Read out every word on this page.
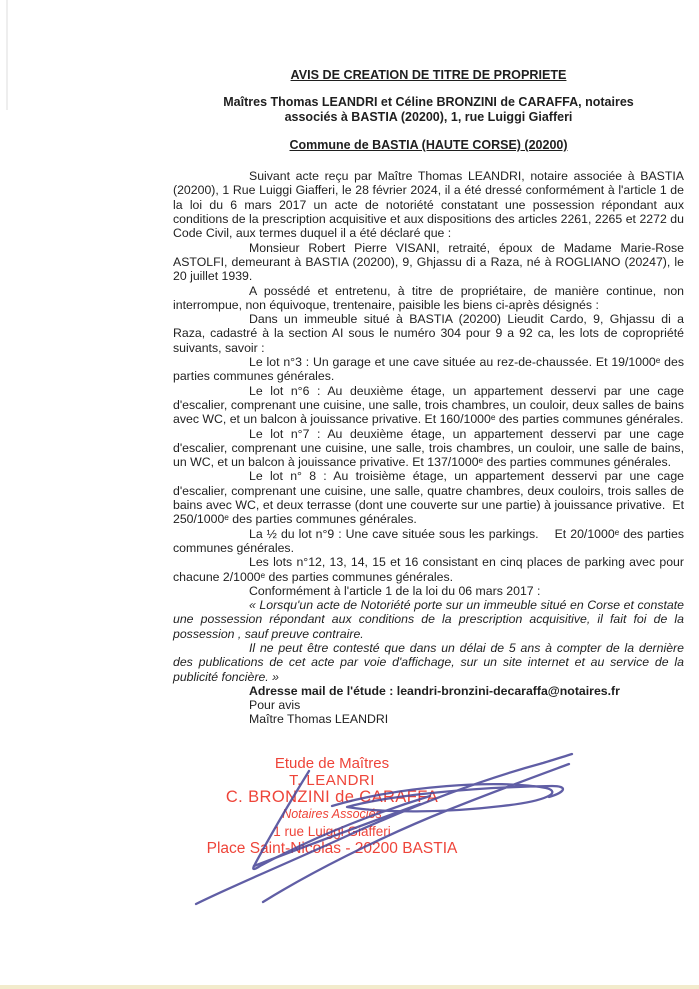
AVIS DE CREATION DE TITRE DE PROPRIETE

Maîtres Thomas LEANDRI et Céline BRONZINI de CARAFFA, notaires
associés à BASTIA (20200), 1, rue Luiggi Giafferi

Commune de BASTIA (HAUTE CORSE) (20200)

Suivant acte reçu par Maître Thomas LEANDRI, notaire associée à BASTIA (20200), 1 Rue Luiggi Giafferi, le 28 février 2024, il a été dressé conformément à l'article 1 de la loi du 6 mars 2017 un acte de notoriété constatant une possession répondant aux conditions de la prescription acquisitive et aux dispositions des articles 2261, 2265 et 2272 du Code Civil, aux termes duquel il a été déclaré que :

Monsieur Robert Pierre VISANI, retraité, époux de Madame Marie-Rose ASTOLFI, demeurant à BASTIA (20200), 9, Ghjassu di a Raza, né à ROGLIANO (20247), le 20 juillet 1939.

A possédé et entretenu, à titre de propriétaire, de manière continue, non interrompue, non équivoque, trentenaire, paisible les biens ci-après désignés :

Dans un immeuble situé à BASTIA (20200) Lieudit Cardo, 9, Ghjassu di a Raza, cadastré à la section AI sous le numéro 304 pour 9 a 92 ca, les lots de copropriété suivants, savoir :

Le lot n°3 : Un garage et une cave située au rez-de-chaussée. Et 19/1000ᵉ des parties communes générales.

Le lot n°6 : Au deuxième étage, un appartement desservi par une cage d'escalier, comprenant une cuisine, une salle, trois chambres, un couloir, deux salles de bains avec WC, et un balcon à jouissance privative. Et 160/1000ᵉ des parties communes générales.

Le lot n°7 : Au deuxième étage, un appartement desservi par une cage d'escalier, comprenant une cuisine, une salle, trois chambres, un couloir, une salle de bains, un WC, et un balcon à jouissance privative. Et 137/1000ᵉ des parties communes générales.

Le lot n° 8 : Au troisième étage, un appartement desservi par une cage d'escalier, comprenant une cuisine, une salle, quatre chambres, deux couloirs, trois salles de bains avec WC, et deux terrasse (dont une couverte sur une partie) à jouissance privative.  Et 250/1000ᵉ des parties communes générales.

La ½ du lot n°9 : Une cave située sous les parkings.    Et 20/1000ᵉ des parties communes générales.

Les lots n°12, 13, 14, 15 et 16 consistant en cinq places de parking avec pour chacune 2/1000ᵉ des parties communes générales.

Conformément à l'article 1 de la loi du 06 mars 2017 :

« Lorsqu'un acte de Notoriété porte sur un immeuble situé en Corse et constate une possession répondant aux conditions de la prescription acquisitive, il fait foi de la possession , sauf preuve contraire.

Il ne peut être contesté que dans un délai de 5 ans à compter de la dernière des publications de cet acte par voie d'affichage, sur un site internet et au service de la publicité foncière. »

Adresse mail de l'étude : leandri-bronzini-decaraffa@notaires.fr

Pour avis

Maître Thomas LEANDRI

Etude de Maîtres
T. LEANDRI
C. BRONZINI de CARAFFA
Notaires Associés
1 rue Luiggi Giafferi
Place Saint-Nicolas - 20200 BASTIA
